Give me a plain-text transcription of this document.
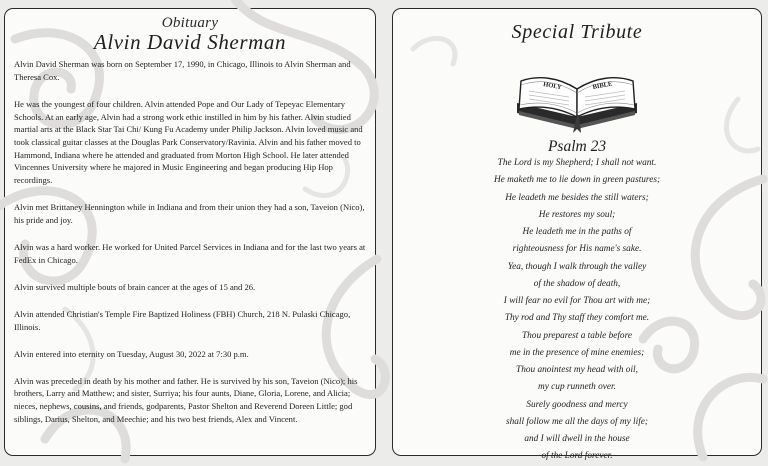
Obituary
Alvin David Sherman

Alvin David Sherman was born on September 17, 1990, in Chicago, Illinois to Alvin Sherman and Theresa Cox.

He was the youngest of four children. Alvin attended Pope and Our Lady of Tepeyac Elementary Schools. At an early age, Alvin had a strong work ethic instilled in him by his father. Alvin studied martial arts at the Black Star Tai Chi/ Kung Fu Academy under Philip Jackson. Alvin loved music and took classical guitar classes at the Douglas Park Conservatory/Ravinia. Alvin and his father moved to Hammond, Indiana where he attended and graduated from Morton High School. He later attended Vincennes University where he majored in Music Engineering and began producing Hip Hop recordings.

Alvin met Brittaney Hennington while in Indiana and from their union they had a son, Taveion (Nico), his pride and joy.

Alvin was a hard worker. He worked for United Parcel Services in Indiana and for the last two years at FedEx in Chicago.

Alvin survived multiple bouts of brain cancer at the ages of 15 and 26.

Alvin attended Christian's Temple Fire Baptized Holiness (FBH) Church, 218 N. Pulaski Chicago, Illinois.

Alvin entered into eternity on Tuesday, August 30, 2022 at 7:30 p.m.

Alvin was preceded in death by his mother and father. He is survived by his son, Taveion (Nico); his brothers, Larry and Matthew; and sister, Surriya; his four aunts, Diane, Gloria, Lorene, and Alicia; nieces, nephews, cousins, and friends, godparents, Pastor Shelton and Reverend Doreen Little; god siblings, Darius, Shelton, and Meechie; and his two best friends, Alex and Vincent.

Special Tribute
HOLY	BIBLE
Psalm 23
The Lord is my Shepherd; I shall not want.
He maketh me to lie down in green pastures;
He leadeth me besides the still waters;
He restores my soul;
He leadeth me in the paths of
righteousness for His name's sake.
Yea, though I walk through the valley
of the shadow of death,
I will fear no evil for Thou art with me;
Thy rod and Thy staff they comfort me.
Thou preparest a table before
me in the presence of mine enemies;
Thou anointest my head with oil,
my cup runneth over.
Surely goodness and mercy
shall follow me all the days of my life;
and I will dwell in the house
of the Lord forever.
